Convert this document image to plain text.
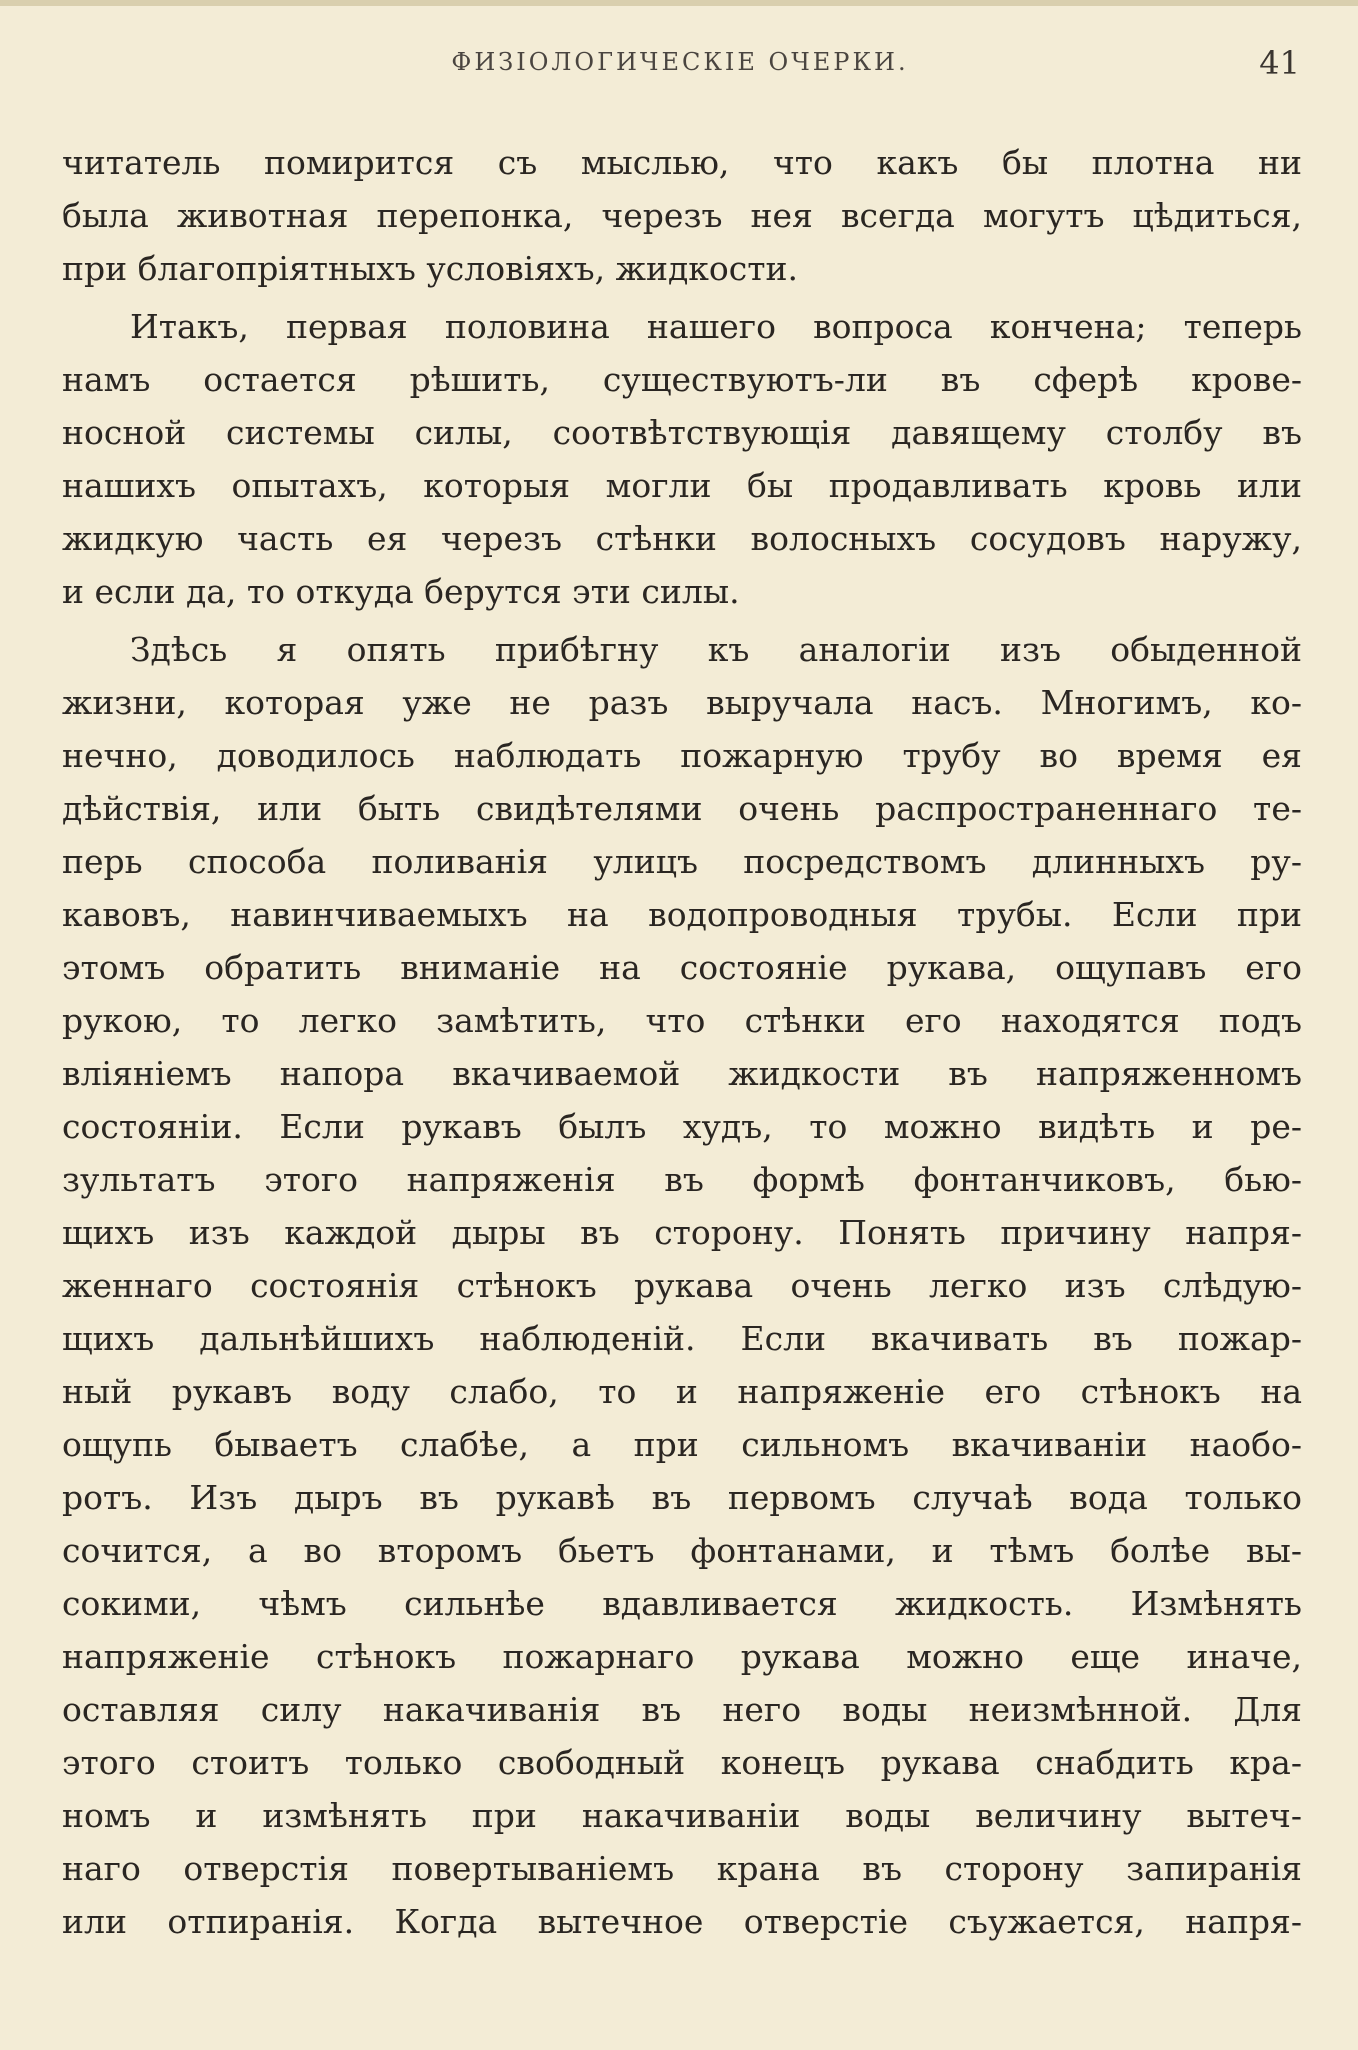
ФИЗІОЛОГИЧЕСКІЕ ОЧЕРКИ.	41
читатель помирится съ мыслью, что какъ бы плотна ни
была животная перепонка, черезъ нея всегда могутъ цѣдиться,
при благопріятныхъ условіяхъ, жидкости.
Итакъ, первая половина нашего вопроса кончена; теперь
намъ остается рѣшить, существуютъ-ли въ сферѣ крове-
носной системы силы, соотвѣтствующія давящему столбу въ
нашихъ опытахъ, которыя могли бы продавливать кровь или
жидкую часть ея черезъ стѣнки волосныхъ сосудовъ наружу,
и если да, то откуда берутся эти силы.
Здѣсь я опять прибѣгну къ аналогіи изъ обыденной
жизни, которая уже не разъ выручала насъ. Многимъ, ко-
нечно, доводилось наблюдать пожарную трубу во время ея
дѣйствія, или быть свидѣтелями очень распространеннаго те-
перь способа поливанія улицъ посредствомъ длинныхъ ру-
кавовъ, навинчиваемыхъ на водопроводныя трубы. Если при
этомъ обратить вниманіе на состояніе рукава, ощупавъ его
рукою, то легко замѣтить, что стѣнки его находятся подъ
вліяніемъ напора вкачиваемой жидкости въ напряженномъ
состояніи. Если рукавъ былъ худъ, то можно видѣть и ре-
зультатъ этого напряженія въ формѣ фонтанчиковъ, бью-
щихъ изъ каждой дыры въ сторону. Понять причину напря-
женнаго состоянія стѣнокъ рукава очень легко изъ слѣдую-
щихъ дальнѣйшихъ наблюденій. Если вкачивать въ пожар-
ный рукавъ воду слабо, то и напряженіе его стѣнокъ на
ощупь бываетъ слабѣе, а при сильномъ вкачиваніи наобо-
ротъ. Изъ дыръ въ рукавѣ въ первомъ случаѣ вода только
сочится, а во второмъ бьетъ фонтанами, и тѣмъ болѣе вы-
сокими, чѣмъ сильнѣе вдавливается жидкость. Измѣнять
напряженіе стѣнокъ пожарнаго рукава можно еще иначе,
оставляя силу накачиванія въ него воды неизмѣнной. Для
этого стоитъ только свободный конецъ рукава снабдить кра-
номъ и измѣнять при накачиваніи воды величину вытеч-
наго отверстія повертываніемъ крана въ сторону запиранія
или отпиранія. Когда вытечное отверстіе съужается, напря-
